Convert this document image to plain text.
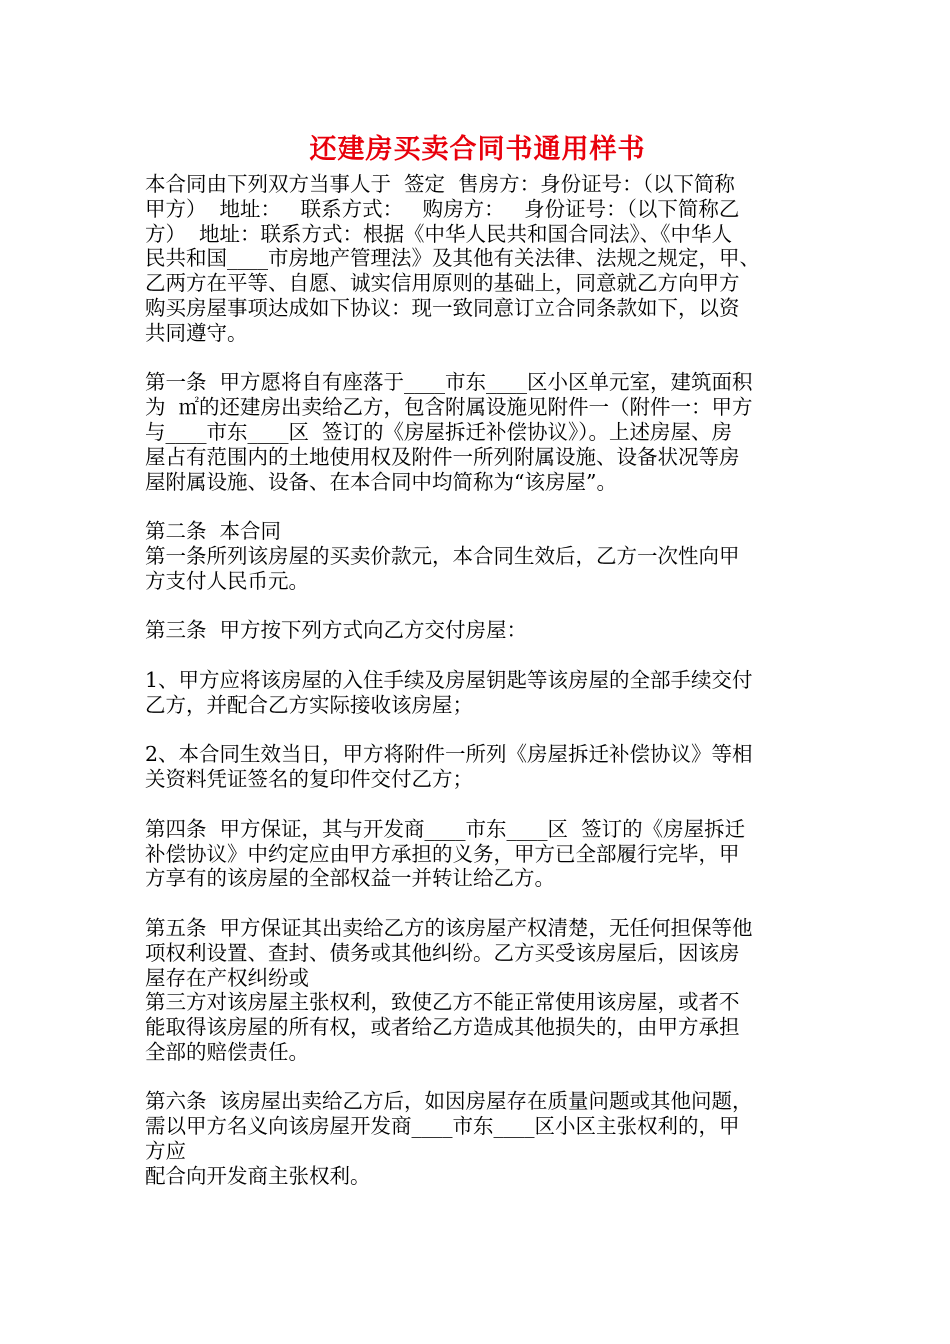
还建房买卖合同书通用样书
本合同由下列双方当事人于  签定  售房方：身份证号：（以下简称
甲方）  地址：   联系方式：   购房方：   身份证号：（以下简称乙
方）  地址：联系方式：根据《中华人民共和国合同法》、《中华人
民共和国____市房地产管理法》及其他有关法律、法规之规定，甲、
乙两方在平等、自愿、诚实信用原则的基础上，同意就乙方向甲方
购买房屋事项达成如下协议：现一致同意订立合同条款如下，以资
共同遵守。
第一条  甲方愿将自有座落于____市东____区小区单元室，建筑面积
为  ㎡的还建房出卖给乙方，包含附属设施见附件一（附件一：甲方
与____市东____区  签订的《房屋拆迁补偿协议》）。上述房屋、房
屋占有范围内的土地使用权及附件一所列附属设施、设备状况等房
屋附属设施、设备、在本合同中均简称为“该房屋”。
第二条  本合同
第一条所列该房屋的买卖价款元，本合同生效后，乙方一次性向甲
方支付人民币元。
第三条  甲方按下列方式向乙方交付房屋：
1、甲方应将该房屋的入住手续及房屋钥匙等该房屋的全部手续交付
乙方，并配合乙方实际接收该房屋；
2、本合同生效当日，甲方将附件一所列《房屋拆迁补偿协议》等相
关资料凭证签名的复印件交付乙方；
第四条  甲方保证，其与开发商____市东____区  签订的《房屋拆迁
补偿协议》中约定应由甲方承担的义务，甲方已全部履行完毕，甲
方享有的该房屋的全部权益一并转让给乙方。
第五条  甲方保证其出卖给乙方的该房屋产权清楚，无任何担保等他
项权利设置、查封、债务或其他纠纷。乙方买受该房屋后，因该房
屋存在产权纠纷或
第三方对该房屋主张权利，致使乙方不能正常使用该房屋，或者不
能取得该房屋的所有权，或者给乙方造成其他损失的，由甲方承担
全部的赔偿责任。
第六条  该房屋出卖给乙方后，如因房屋存在质量问题或其他问题，
需以甲方名义向该房屋开发商____市东____区小区主张权利的，甲
方应
配合向开发商主张权利。
